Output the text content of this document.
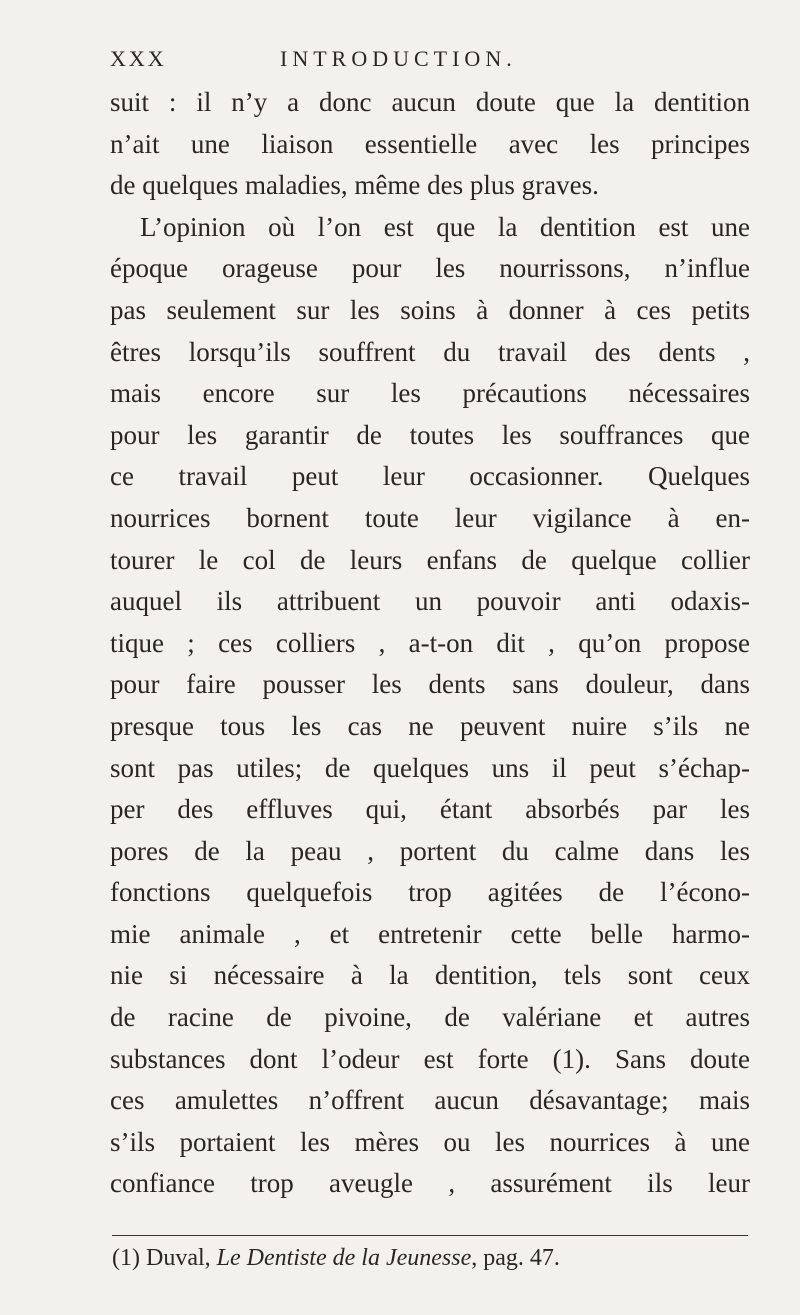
XXX	INTRODUCTION.
suit : il n’y a donc aucun doute que la dentition
n’ait une liaison essentielle avec les principes
de quelques maladies, même des plus graves.
L’opinion où l’on est que la dentition est une
époque orageuse pour les nourrissons, n’influe
pas seulement sur les soins à donner à ces petits
êtres lorsqu’ils souffrent du travail des dents ,
mais encore sur les précautions nécessaires
pour les garantir de toutes les souffrances que
ce travail peut leur occasionner. Quelques
nourrices bornent toute leur vigilance à en-
tourer le col de leurs enfans de quelque collier
auquel ils attribuent un pouvoir anti odaxis-
tique ; ces colliers , a-t-on dit , qu’on propose
pour faire pousser les dents sans douleur, dans
presque tous les cas ne peuvent nuire s’ils ne
sont pas utiles; de quelques uns il peut s’échap-
per des effluves qui, étant absorbés par les
pores de la peau , portent du calme dans les
fonctions quelquefois trop agitées de l’écono-
mie animale , et entretenir cette belle harmo-
nie si nécessaire à la dentition, tels sont ceux
de racine de pivoine, de valériane et autres
substances dont l’odeur est forte (1). Sans doute
ces amulettes n’offrent aucun désavantage; mais
s’ils portaient les mères ou les nourrices à une
confiance trop aveugle , assurément ils leur
(1) Duval, Le Dentiste de la Jeunesse, pag. 47.
